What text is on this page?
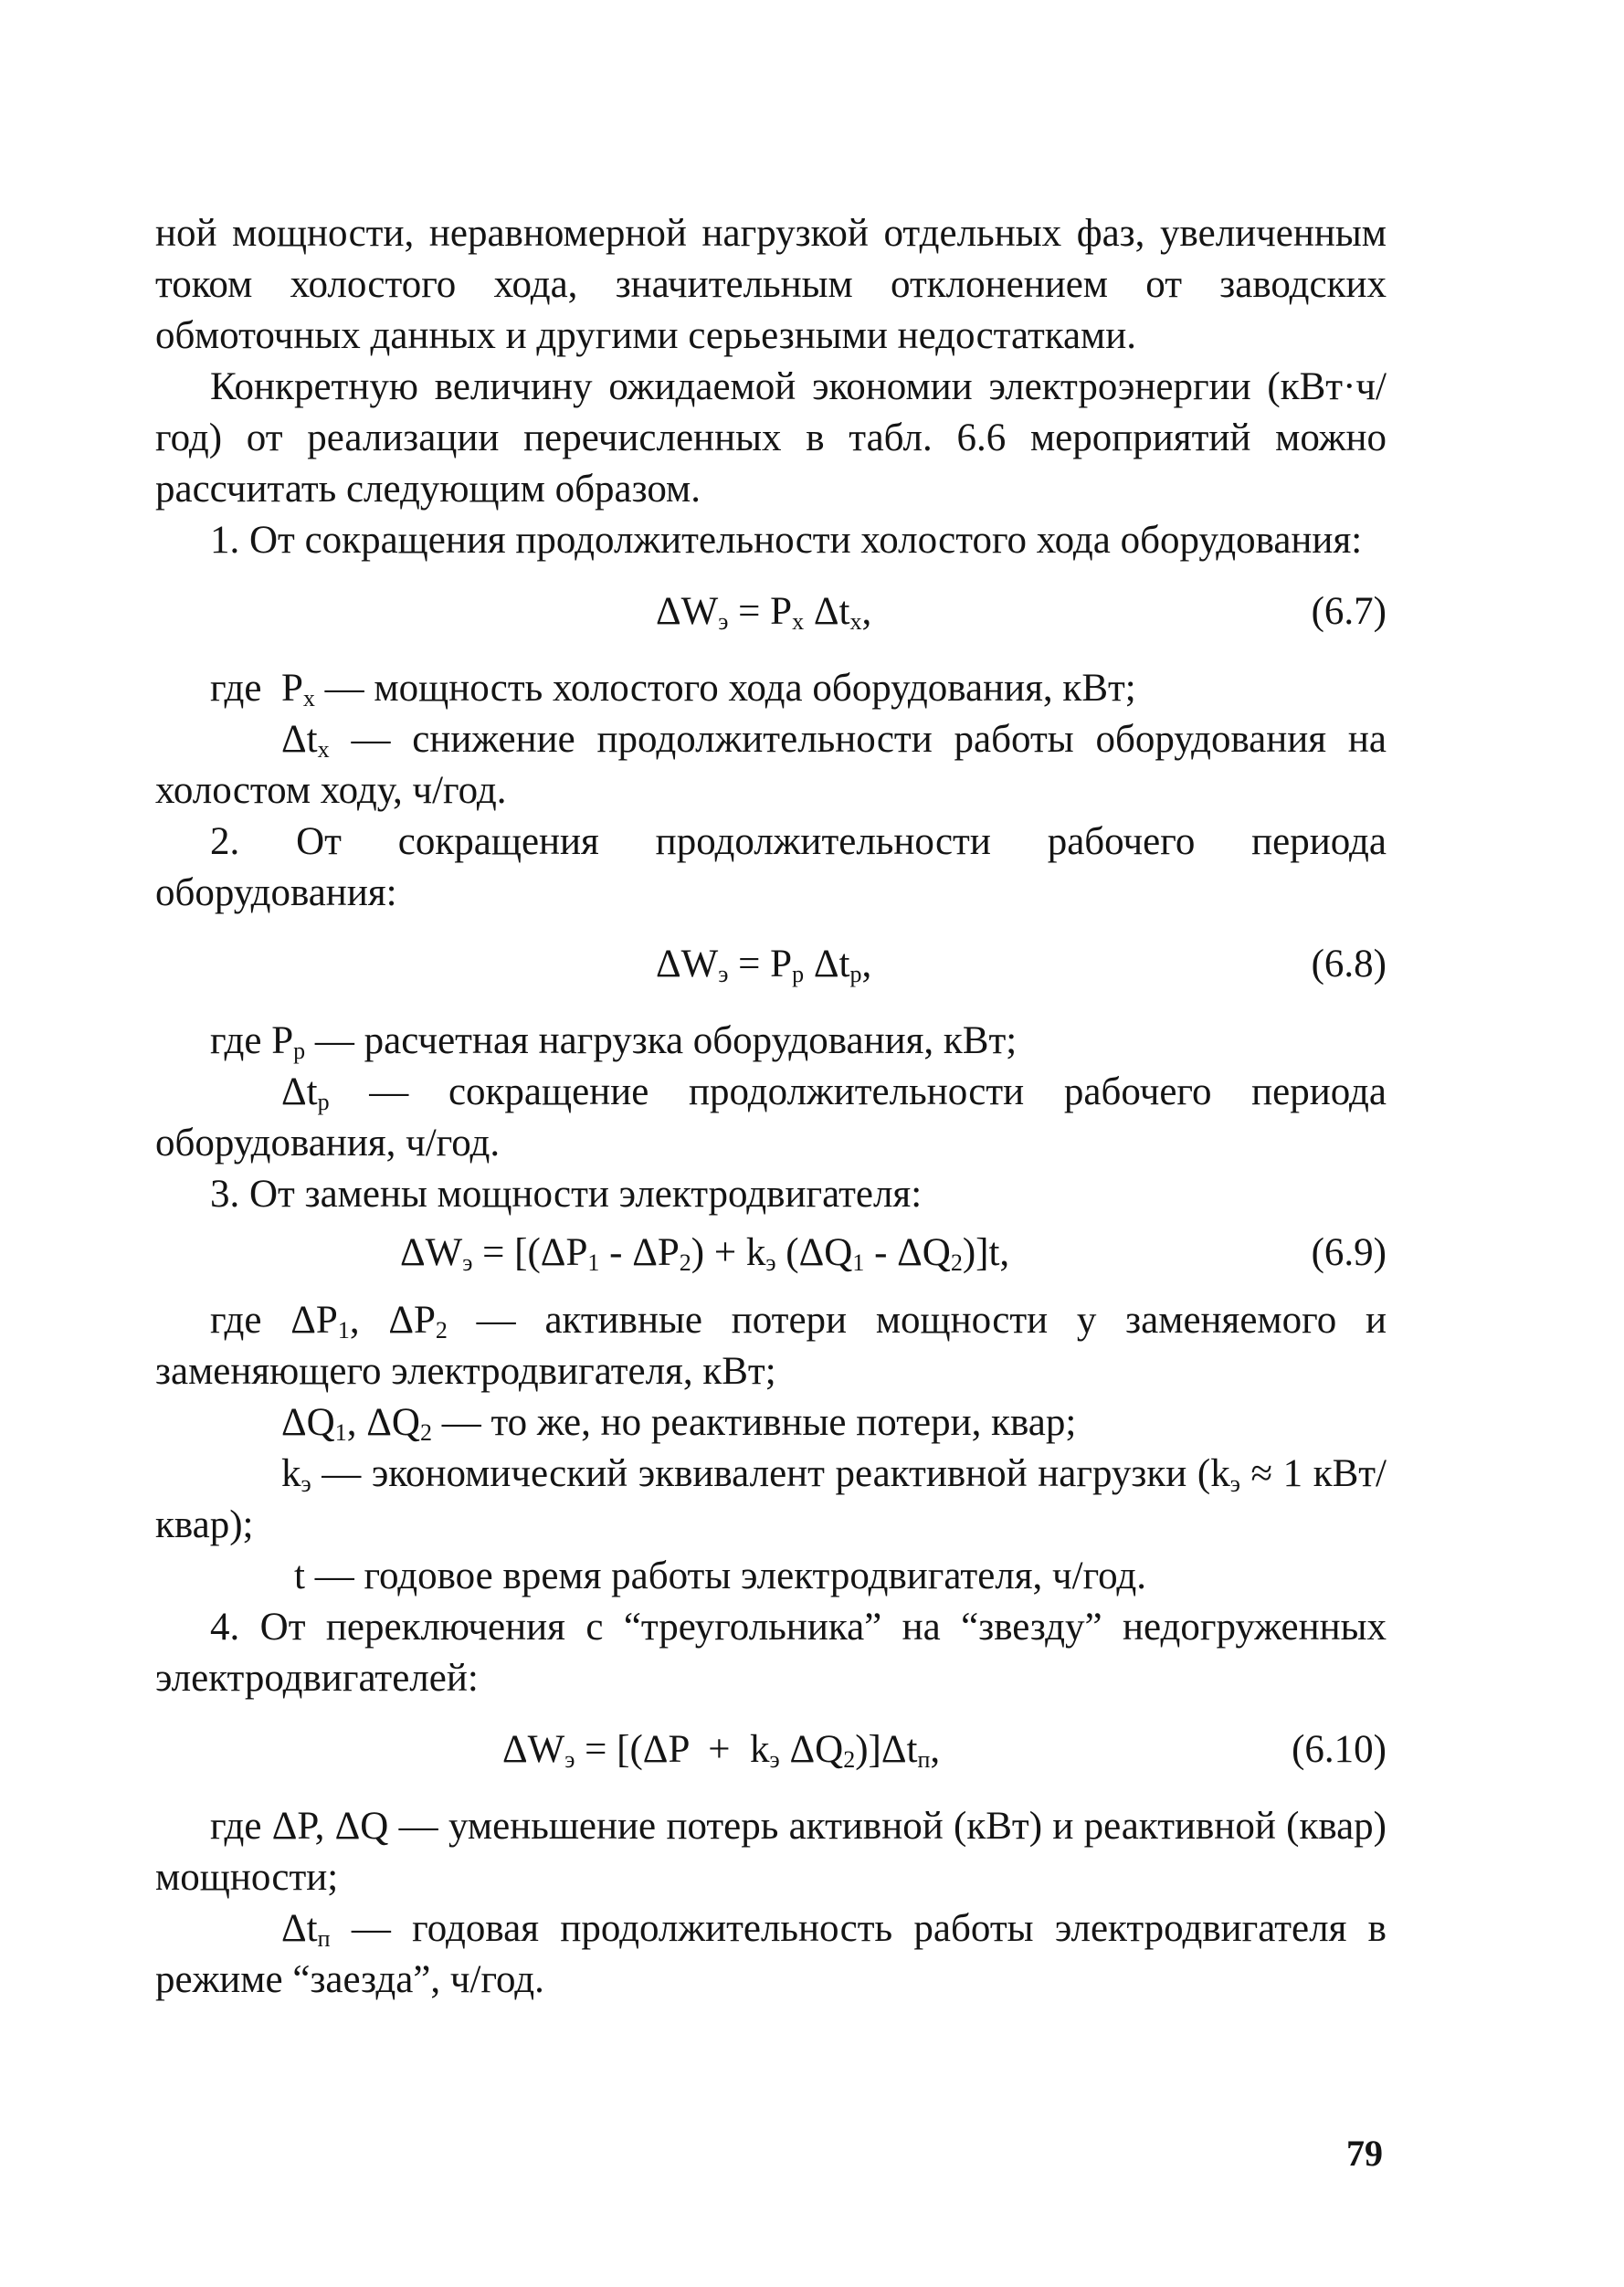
ной мощности, неравномерной нагрузкой отдельных фаз, увеличенным током холостого хода, значительным отклонением от заводских обмоточных данных и другими серьезными недостатками.

Конкретную величину ожидаемой экономии электроэнергии (кВт·ч/год) от реализации перечисленных в табл. 6.6 мероприятий можно рассчитать следующим образом.

1. От сокращения продолжительности холостого хода оборудования:

$\Delta W_э = P_x$ $\Delta t_x$,	(6.7)

где  $P_x$ — мощность холостого хода оборудования, кВт;

$\Delta t_x$ — снижение продолжительности работы оборудования на холостом ходу, ч/год.

2. От сокращения продолжительности рабочего периода оборудования:

$\Delta W_э = P_p$ $\Delta t_p$,	(6.8)

где $P_p$ — расчетная нагрузка оборудования, кВт;

$\Delta t_p$ — сокращение продолжительности рабочего периода оборудования, ч/год.

3. От замены мощности электродвигателя:

$\Delta W_э = [(\Delta P_1 - \Delta P_2) + k_э$ $(\Delta Q_1 - \Delta Q_2)]t$,	(6.9)

где $\Delta P_1$, $\Delta P_2$ — активные потери мощности у заменяемого и заменяющего электродвигателя, кВт;

$\Delta Q_1$, $\Delta Q_2$ — то же, но реактивные потери, квар;

$k_э$ — экономический эквивалент реактивной нагрузки ($k_э \approx 1$ кВт/квар);

t — годовое время работы электродвигателя, ч/год.

4. От переключения с “треугольника” на “звезду” недогруженных электродвигателей:

$\Delta W_э = [(\Delta P + k_э$ $\Delta Q_2)]\Delta t_п$,	(6.10)

где ΔP, ΔQ — уменьшение потерь активной (кВт) и реактивной (квар) мощности;

$\Delta t_п$ — годовая продолжительность работы электродвигателя в режиме “заезда”, ч/год.

79
